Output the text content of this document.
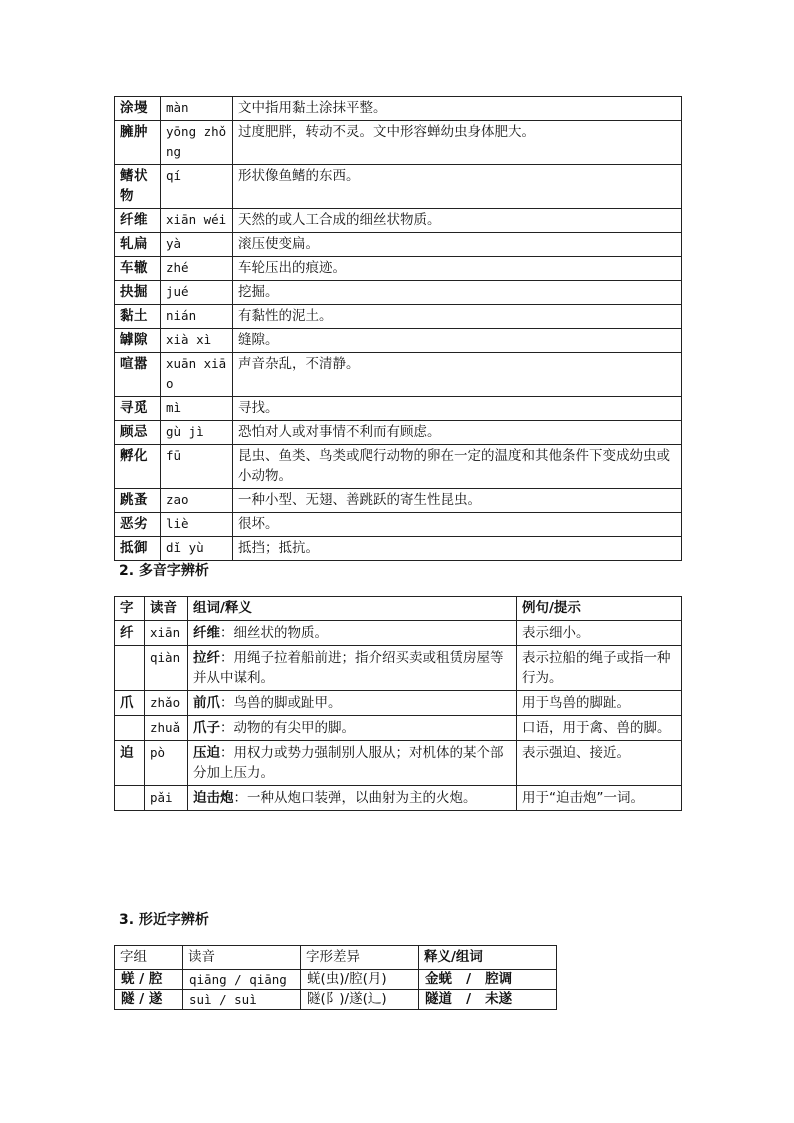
涂墁	màn	文中指用黏土涂抹平整。
臃肿	yōng zhǒng	过度肥胖，转动不灵。文中形容蝉幼虫身体肥大。
鳍状物	qí	形状像鱼鳍的东西。
纤维	xiān wéi	天然的或人工合成的细丝状物质。
轧扁	yà	滚压使变扁。
车辙	zhé	车轮压出的痕迹。
抉掘	jué	挖掘。
黏土	nián	有黏性的泥土。
罅隙	xià xì	缝隙。
喧嚣	xuān xiāo	声音杂乱，不清静。
寻觅	mì	寻找。
顾忌	gù jì	恐怕对人或对事情不利而有顾虑。
孵化	fū	昆虫、鱼类、鸟类或爬行动物的卵在一定的温度和其他条件下变成幼虫或小动物。
跳蚤	zao	一种小型、无翅、善跳跃的寄生性昆虫。
恶劣	liè	很坏。
抵御	dǐ yù	抵挡；抵抗。
2. 多音字辨析
字	读音	组词/释义	例句/提示
纤	xiān	纤维：细丝状的物质。	表示细小。
	qiàn	拉纤：用绳子拉着船前进；指介绍买卖或租赁房屋等并从中谋利。	表示拉船的绳子或指一种行为。
爪	zhǎo	前爪：鸟兽的脚或趾甲。	用于鸟兽的脚趾。
	zhuǎ	爪子：动物的有尖甲的脚。	口语，用于禽、兽的脚。
迫	pò	压迫：用权力或势力强制别人服从；对机体的某个部分加上压力。	表示强迫、接近。
	pǎi	迫击炮：一种从炮口装弹，以曲射为主的火炮。	用于“迫击炮”一词。
3. 形近字辨析
字组	读音	字形差异	释义/组词
蜣 / 腔	qiāng / qiāng	蜣(虫)/腔(月)	金蜣   /   腔调
隧 / 遂	suì / suì	隧(阝)/遂(辶)	隧道   /   未遂
